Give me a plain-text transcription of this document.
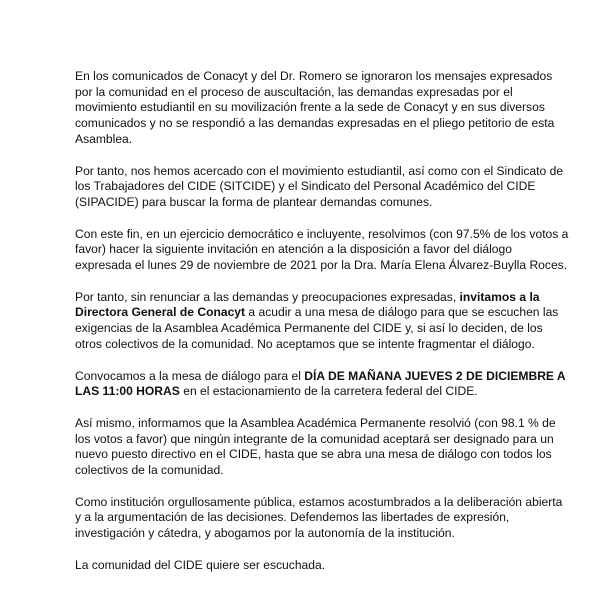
En los comunicados de Conacyt y del Dr. Romero se ignoraron los mensajes expresados
por la comunidad en el proceso de auscultación, las demandas expresadas por el
movimiento estudiantil en su movilización frente a la sede de Conacyt y en sus diversos
comunicados y no se respondió a las demandas expresadas en el pliego petitorio de esta
Asamblea.
Por tanto, nos hemos acercado con el movimiento estudiantil, así como con el Sindicato de
los Trabajadores del CIDE (SITCIDE) y el Sindicato del Personal Académico del CIDE
(SIPACIDE) para buscar la forma de plantear demandas comunes.
Con este fin, en un ejercicio democrático e incluyente, resolvimos (con 97.5% de los votos a
favor) hacer la siguiente invitación en atención a la disposición a favor del diálogo
expresada el lunes 29 de noviembre de 2021 por la Dra. María Elena Álvarez-Buylla Roces.
Por tanto, sin renunciar a las demandas y preocupaciones expresadas, invitamos a la
Directora General de Conacyt a acudir a una mesa de diálogo para que se escuchen las
exigencias de la Asamblea Académica Permanente del CIDE y, si así lo deciden, de los
otros colectivos de la comunidad. No aceptamos que se intente fragmentar el diálogo.
Convocamos a la mesa de diálogo para el DÍA DE MAÑANA JUEVES 2 DE DICIEMBRE A
LAS 11:00 HORAS en el estacionamiento de la carretera federal del CIDE.
Así mismo, informamos que la Asamblea Académica Permanente resolvió (con 98.1 % de
los votos a favor) que ningún integrante de la comunidad aceptará ser designado para un
nuevo puesto directivo en el CIDE, hasta que se abra una mesa de diálogo con todos los
colectivos de la comunidad.
Como institución orgullosamente pública, estamos acostumbrados a la deliberación abierta
y a la argumentación de las decisiones. Defendemos las libertades de expresión,
investigación y cátedra, y abogamos por la autonomía de la institución.
La comunidad del CIDE quiere ser escuchada.
